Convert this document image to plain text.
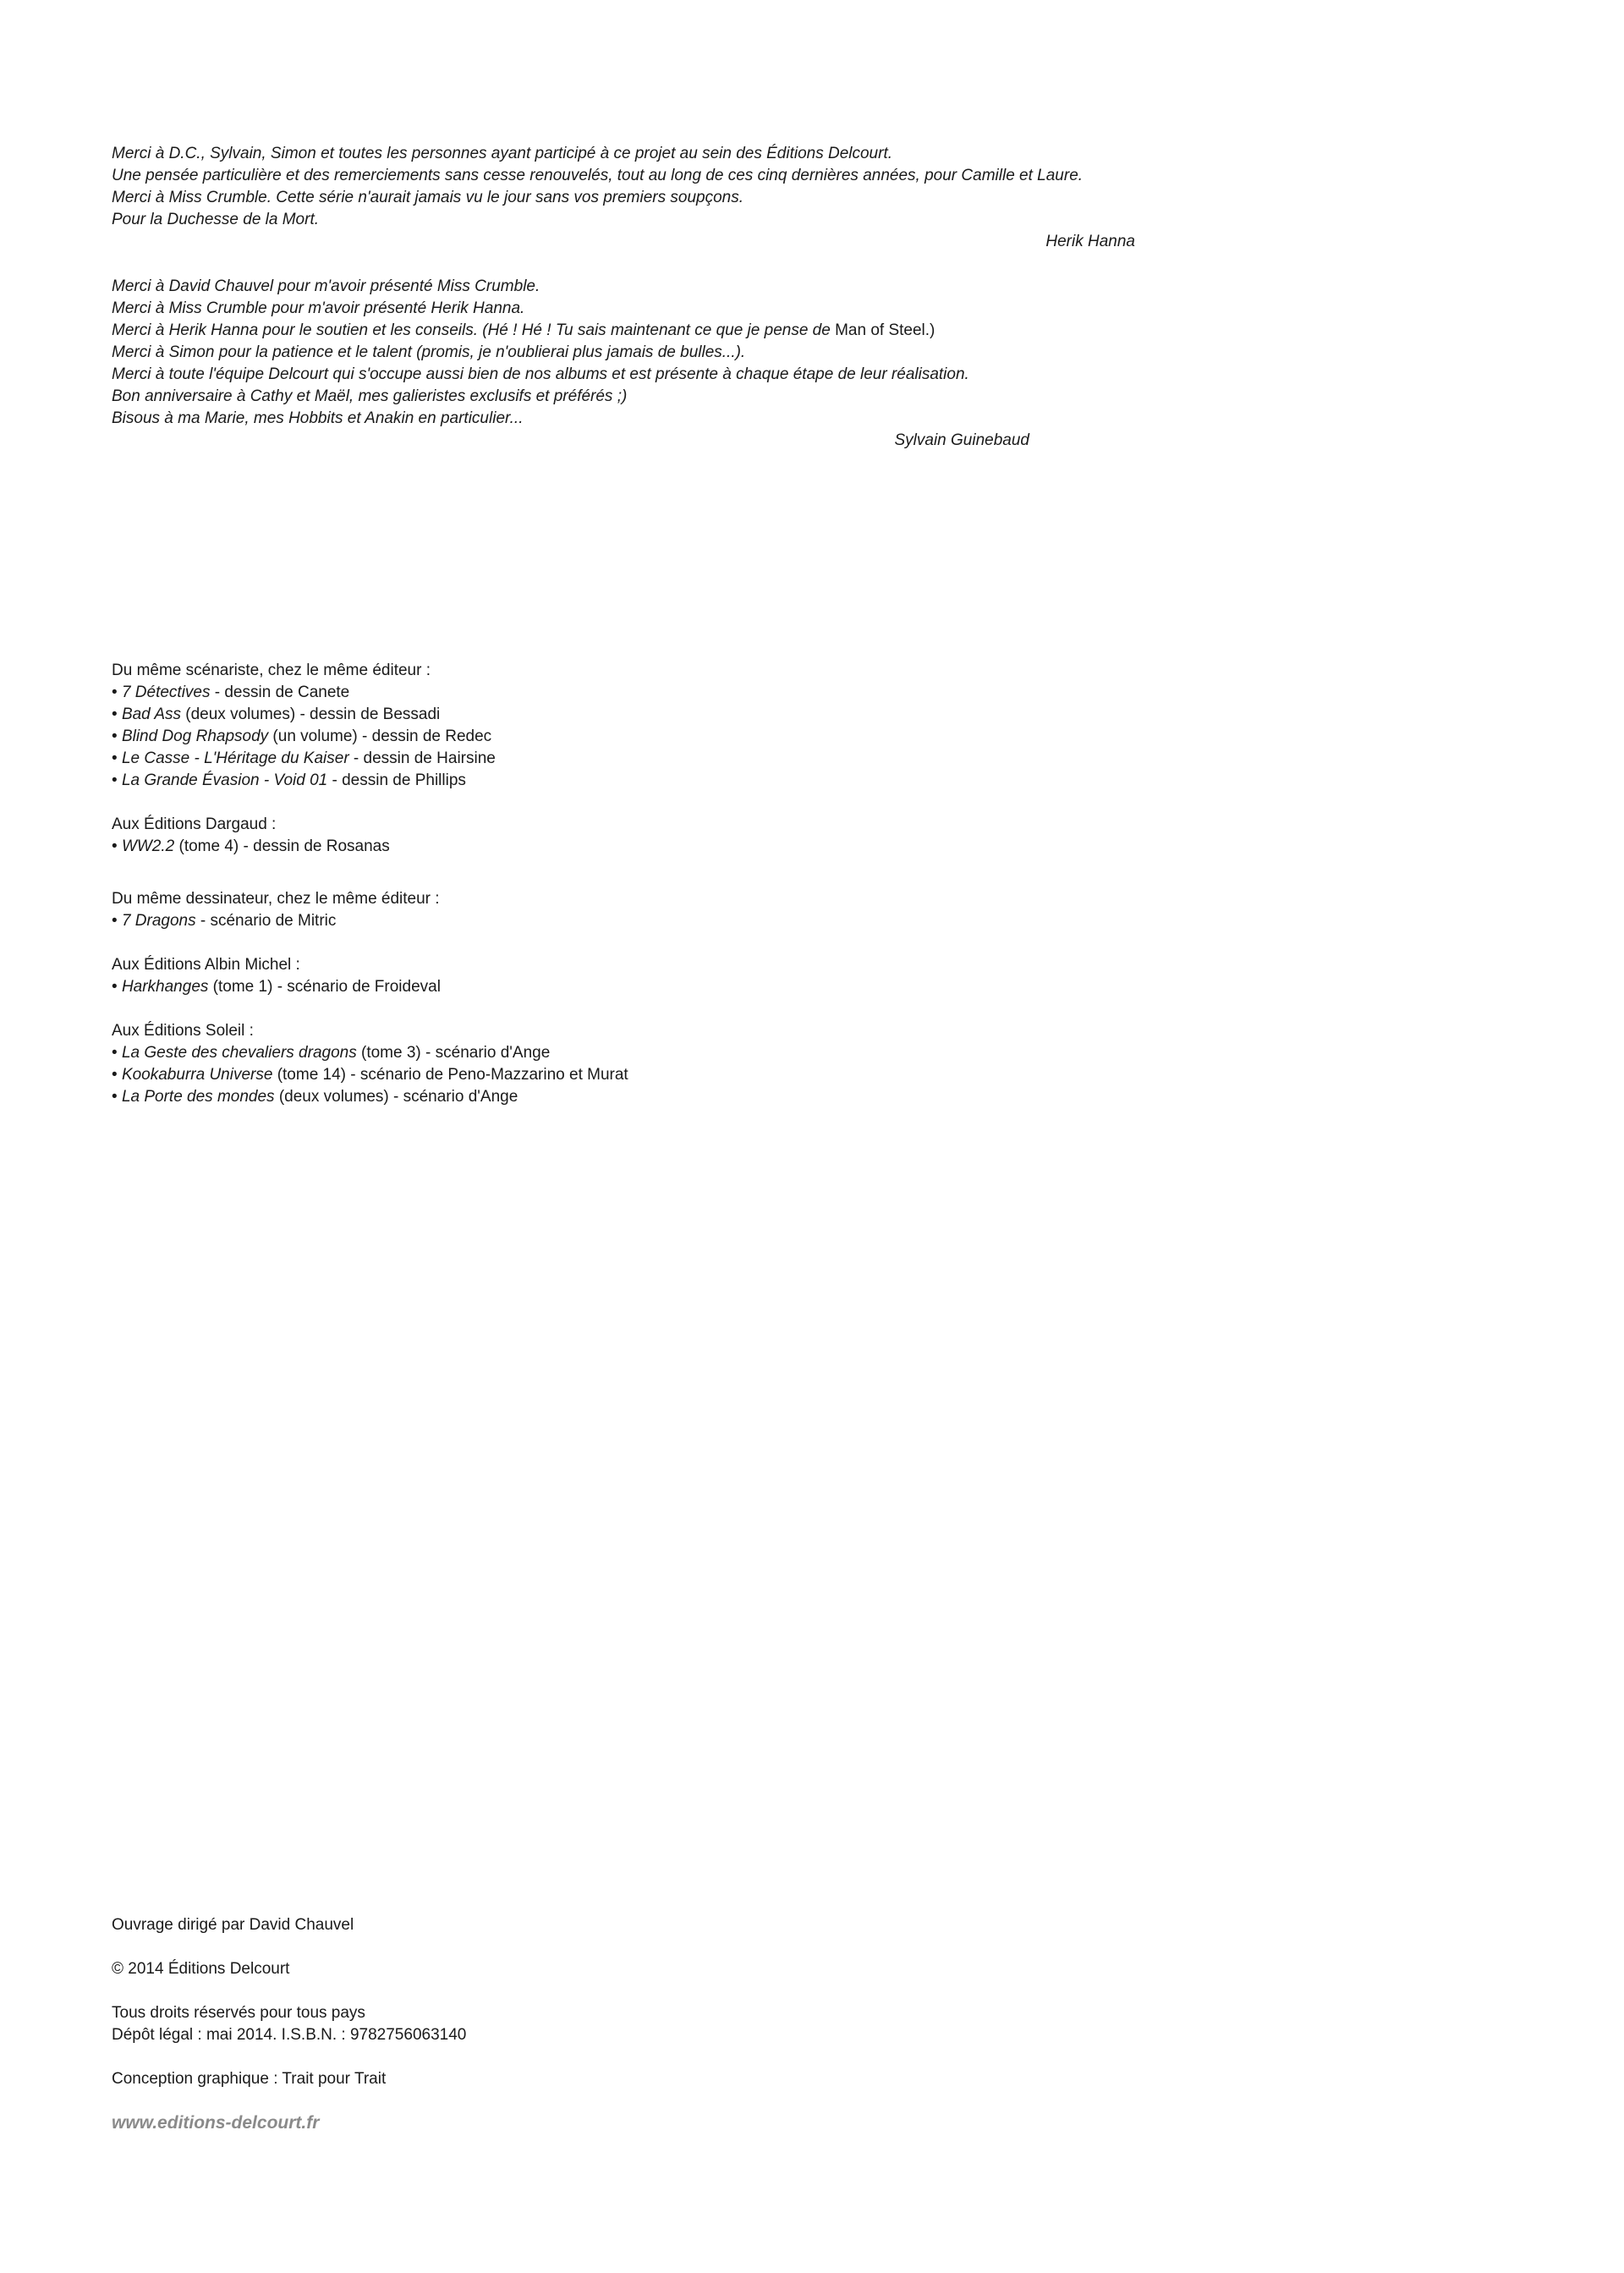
Merci à D.C., Sylvain, Simon et toutes les personnes ayant participé à ce projet au sein des Éditions Delcourt.
Une pensée particulière et des remerciements sans cesse renouvelés, tout au long de ces cinq dernières années, pour Camille et Laure.
Merci à Miss Crumble. Cette série n'aurait jamais vu le jour sans vos premiers soupçons.
Pour la Duchesse de la Mort.
Herik Hanna
Merci à David Chauvel pour m'avoir présenté Miss Crumble.
Merci à Miss Crumble pour m'avoir présenté Herik Hanna.
Merci à Herik Hanna pour le soutien et les conseils. (Hé ! Hé ! Tu sais maintenant ce que je pense de Man of Steel.)
Merci à Simon pour la patience et le talent (promis, je n'oublierai plus jamais de bulles...).
Merci à toute l'équipe Delcourt qui s'occupe aussi bien de nos albums et est présente à chaque étape de leur réalisation.
Bon anniversaire à Cathy et Maël, mes galieristes exclusifs et préférés ;)
Bisous à ma Marie, mes Hobbits et Anakin en particulier...
Sylvain Guinebaud
Du même scénariste, chez le même éditeur :
• 7 Détectives - dessin de Canete
• Bad Ass (deux volumes) - dessin de Bessadi
• Blind Dog Rhapsody (un volume) - dessin de Redec
• Le Casse - L'Héritage du Kaiser - dessin de Hairsine
• La Grande Évasion - Void 01 - dessin de Phillips
Aux Éditions Dargaud :
• WW2.2 (tome 4) - dessin de Rosanas
Du même dessinateur, chez le même éditeur :
• 7 Dragons - scénario de Mitric
Aux Éditions Albin Michel :
• Harkhanges (tome 1) - scénario de Froideval
Aux Éditions Soleil :
• La Geste des chevaliers dragons (tome 3) - scénario d'Ange
• Kookaburra Universe (tome 14) - scénario de Peno-Mazzarino et Murat
• La Porte des mondes (deux volumes) - scénario d'Ange
Ouvrage dirigé par David Chauvel
© 2014 Éditions Delcourt
Tous droits réservés pour tous pays
Dépôt légal : mai 2014. I.S.B.N. : 9782756063140
Conception graphique : Trait pour Trait
www.editions-delcourt.fr
